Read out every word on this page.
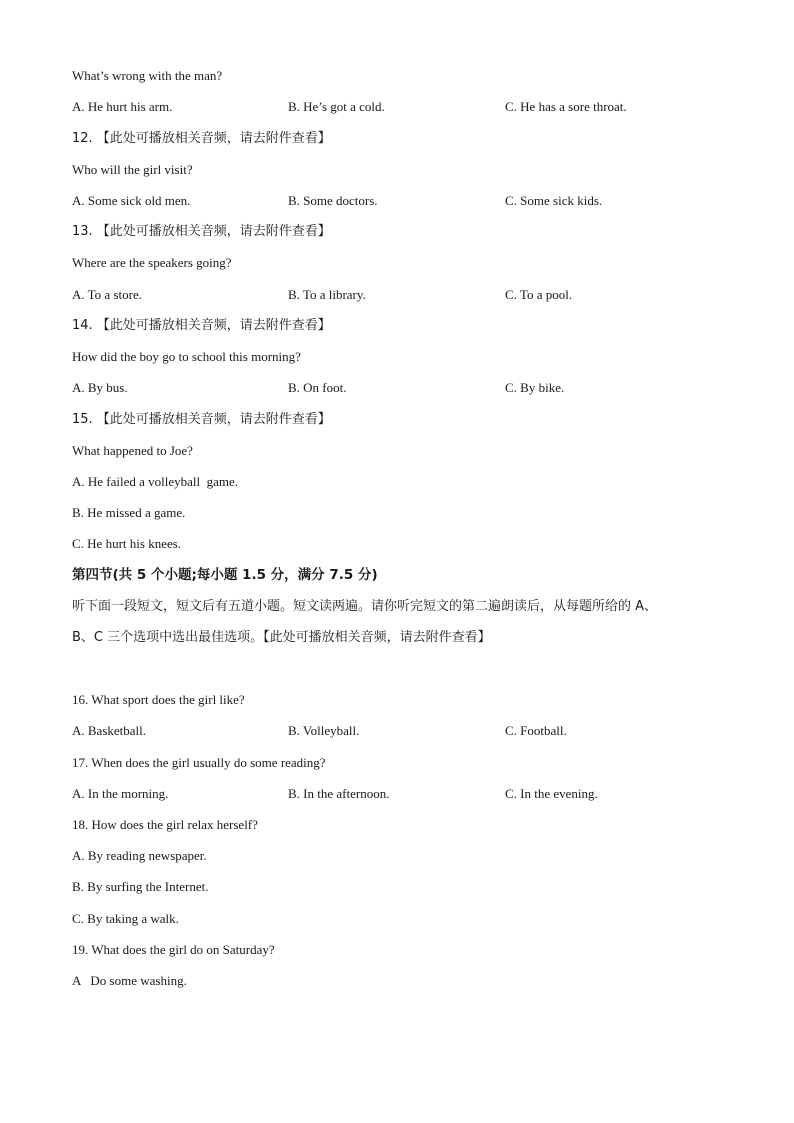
What’s wrong with the man?
A. He hurt his arm.	B. He’s got a cold.	C. He has a sore throat.
12. 【此处可播放相关音频，请去附件查看】
Who will the girl visit?
A. Some sick old men.	B. Some doctors.	C. Some sick kids.
13. 【此处可播放相关音频，请去附件查看】
Where are the speakers going?
A. To a store.	B. To a library.	C. To a pool.
14. 【此处可播放相关音频，请去附件查看】
How did the boy go to school this morning?
A. By bus.	B. On foot.	C. By bike.
15. 【此处可播放相关音频，请去附件查看】
What happened to Joe?
A. He failed a volleyball  game.
B. He missed a game.
C. He hurt his knees.
第四节(共 5 个小题;每小题 1.5 分，满分 7.5 分)
听下面一段短文，短文后有五道小题。短文读两遍。请你听完短文的第二遍朗读后，从每题所给的 A、
B、C 三个选项中选出最佳选项。【此处可播放相关音频，请去附件查看】
16. What sport does the girl like?
A. Basketball.	B. Volleyball.	C. Football.
17. When does the girl usually do some reading?
A. In the morning.	B. In the afternoon.	C. In the evening.
18. How does the girl relax herself?
A. By reading newspaper.
B. By surfing the Internet.
C. By taking a walk.
19. What does the girl do on Saturday?
A   Do some washing.
